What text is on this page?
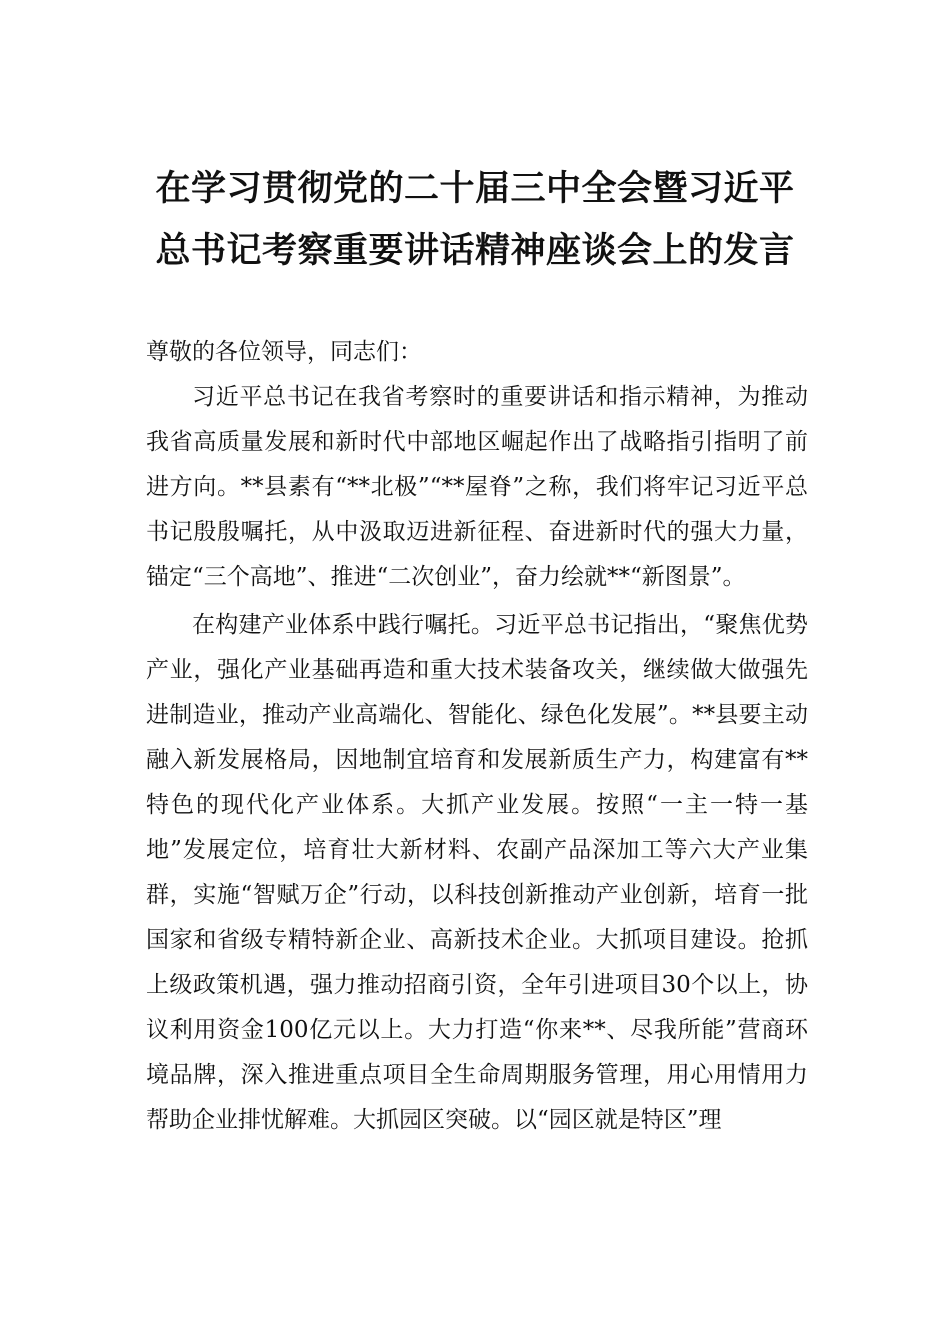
在学习贯彻党的二十届三中全会暨习近平
总书记考察重要讲话精神座谈会上的发言

尊敬的各位领导，同志们：

习近平总书记在我省考察时的重要讲话和指示精神，为推动我省高质量发展和新时代中部地区崛起作出了战略指引指明了前进方向。**县素有“**北极”“**屋脊”之称，我们将牢记习近平总书记殷殷嘱托，从中汲取迈进新征程、奋进新时代的强大力量，锚定“三个高地”、推进“二次创业”，奋力绘就**“新图景”。

在构建产业体系中践行嘱托。习近平总书记指出，“聚焦优势产业，强化产业基础再造和重大技术装备攻关，继续做大做强先进制造业，推动产业高端化、智能化、绿色化发展”。**县要主动融入新发展格局，因地制宜培育和发展新质生产力，构建富有**特色的现代化产业体系。大抓产业发展。按照“一主一特一基地”发展定位，培育壮大新材料、农副产品深加工等六大产业集群，实施“智赋万企”行动，以科技创新推动产业创新，培育一批国家和省级专精特新企业、高新技术企业。大抓项目建设。抢抓上级政策机遇，强力推动招商引资，全年引进项目30个以上，协议利用资金100亿元以上。大力打造“你来**、尽我所能”营商环境品牌，深入推进重点项目全生命周期服务管理，用心用情用力帮助企业排忧解难。大抓园区突破。以“园区就是特区”理
